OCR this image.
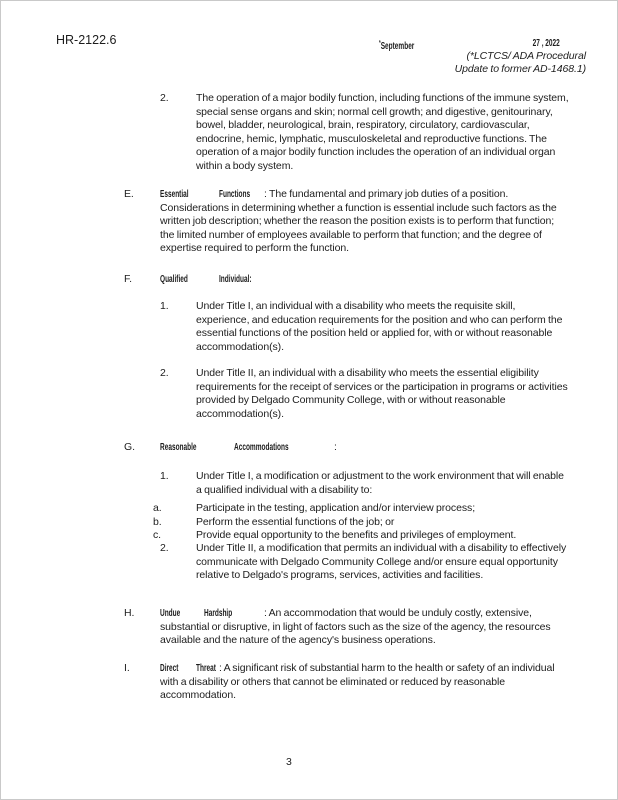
HR-2122.6	*September	27 , 2022
(*LCTCS/ ADA Procedural
Update to former AD-1468.1)
2.	The operation of a major bodily function, including functions of the immune system, special sense organs and skin; normal cell growth; and digestive, genitourinary, bowel, bladder, neurological, brain, respiratory, circulatory, cardiovascular, endocrine, hemic, lymphatic, musculoskeletal and reproductive functions. The operation of a major bodily function includes the operation of an individual organ within a body system.
E. Essential	Functions : The fundamental and primary job duties of a position. Considerations in determining whether a function is essential include such factors as the written job description; whether the reason the position exists is to perform that function; the limited number of employees available to perform that function; and the degree of expertise required to perform the function.
F.	Qualified	Individual:
1.	Under Title I, an individual with a disability who meets the requisite skill, experience, and education requirements for the position and who can perform the essential functions of the position held or applied for, with or without reasonable accommodation(s).
2.	Under Title II, an individual with a disability who meets the essential eligibility requirements for the receipt of services or the participation in programs or activities provided by Delgado Community College, with or without reasonable accommodation(s).
G. Reasonable	Accommodations	:
1.	Under Title I, a modification or adjustment to the work environment that will enable a qualified individual with a disability to:
a.	Participate in the testing, application and/or interview process;
b.	Perform the essential functions of the job; or
c.	Provide equal opportunity to the benefits and privileges of employment.
2.	Under Title II, a modification that permits an individual with a disability to effectively communicate with Delgado Community College and/or ensure equal opportunity relative to Delgado's programs, services, activities and facilities.
H. Undue Hardship	: An accommodation that would be unduly costly, extensive, substantial or disruptive, in light of factors such as the size of the agency, the resources available and the nature of the agency's business operations.
I.	Direct Threat : A significant risk of substantial harm to the health or safety of an individual with a disability or others that cannot be eliminated or reduced by reasonable accommodation.
3
